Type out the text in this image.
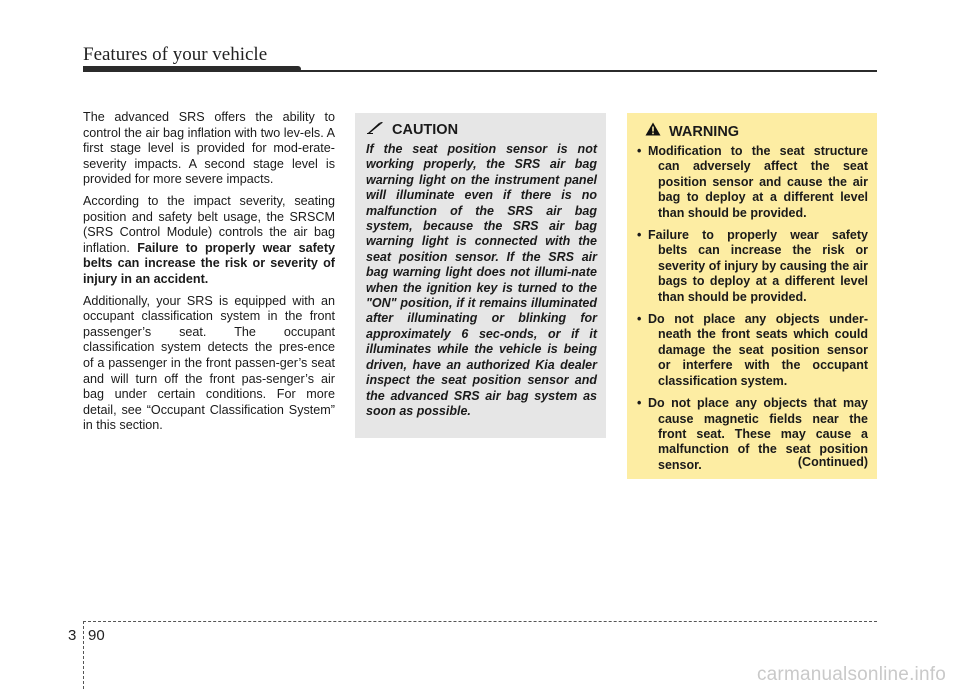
Features of your vehicle

The advanced SRS offers the ability to control the air bag inflation with two lev-els. A first stage level is provided for mod-erate-severity impacts. A second stage level is provided for more severe impacts.

According to the impact severity, seating position and safety belt usage, the SRSCM (SRS Control Module) controls the air bag inflation. Failure to properly wear safety belts can increase the risk or severity of injury in an accident.

Additionally, your SRS is equipped with an occupant classification system in the front passenger’s seat. The occupant classification system detects the pres-ence of a passenger in the front passen-ger’s seat and will turn off the front pas-senger’s air bag under certain conditions. For more detail, see “Occupant Classification System” in this section.

CAUTION

If the seat position sensor is not working properly, the SRS air bag warning light on the instrument panel will illuminate even if there is no malfunction of the SRS air bag system, because the SRS air bag warning light is connected with the seat position sensor. If the SRS air bag warning light does not illumi-nate when the ignition key is turned to the "ON" position, if it remains illuminated after illuminating or blinking for approximately 6 sec-onds, or if it illuminates while the vehicle is being driven, have an authorized Kia dealer inspect the seat position sensor and the advanced SRS air bag system as soon as possible.

WARNING
• Modification to the seat structure
can adversely affect the seat position sensor and cause the air bag to deploy at a different level than should be provided.
• Failure to properly wear safety
belts can increase the risk or severity of injury by causing the air bags to deploy at a different level than should be provided.
• Do not place any objects under-
neath the front seats which could damage the seat position sensor or interfere with the occupant classification system.
• Do not place any objects that may
cause magnetic fields near the front seat. These may cause a malfunction of the seat position sensor.	(Continued)
3 90
carmanualsonline.info
